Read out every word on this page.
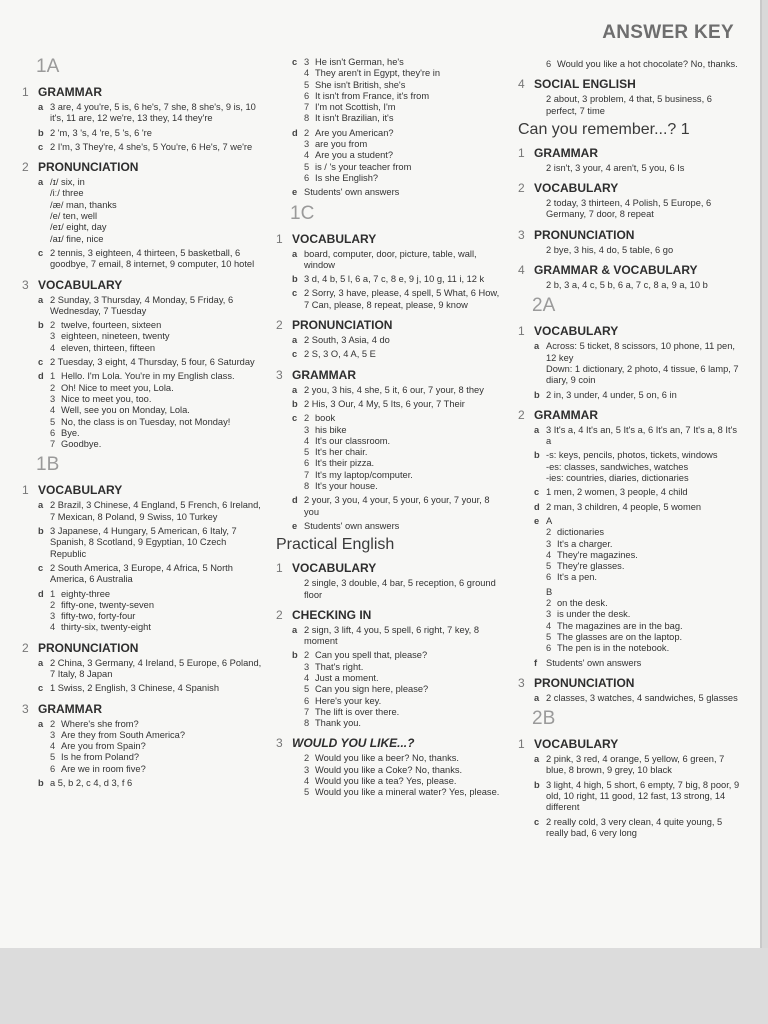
ANSWER KEY
1A
1 GRAMMAR
a 3 are, 4 you're, 5 is, 6 he's, 7 she, 8 she's, 9 is, 10 it's, 11 are, 12 we're, 13 they, 14 they're
b 2 'm, 3 's, 4 're, 5 's, 6 're
c 2 I'm, 3 They're, 4 she's, 5 You're, 6 He's, 7 we're
2 PRONUNCIATION
a /ɪ/ six, in
/iː/ three
/æ/ man, thanks
/e/ ten, well
/eɪ/ eight, day
/aɪ/ fine, nice
c 2 tennis, 3 eighteen, 4 thirteen, 5 basketball, 6 goodbye, 7 email, 8 internet, 9 computer, 10 hotel
3 VOCABULARY
a 2 Sunday, 3 Thursday, 4 Monday, 5 Friday, 6 Wednesday, 7 Tuesday
b 2 twelve, fourteen, sixteen
3 eighteen, nineteen, twenty
4 eleven, thirteen, fifteen
c 2 Tuesday, 3 eight, 4 Thursday, 5 four, 6 Saturday
d 1 Hello. I'm Lola. You're in my English class.
2 Oh! Nice to meet you, Lola.
3 Nice to meet you, too.
4 Well, see you on Monday, Lola.
5 No, the class is on Tuesday, not Monday!
6 Bye.
7 Goodbye.
1B
1 VOCABULARY
a 2 Brazil, 3 Chinese, 4 England, 5 French, 6 Ireland, 7 Mexican, 8 Poland, 9 Swiss, 10 Turkey
b 3 Japanese, 4 Hungary, 5 American, 6 Italy, 7 Spanish, 8 Scotland, 9 Egyptian, 10 Czech Republic
c 2 South America, 3 Europe, 4 Africa, 5 North America, 6 Australia
d 1 eighty-three
2 fifty-one, twenty-seven
3 fifty-two, forty-four
4 thirty-six, twenty-eight
2 PRONUNCIATION
a 2 China, 3 Germany, 4 Ireland, 5 Europe, 6 Poland, 7 Italy, 8 Japan
c 1 Swiss, 2 English, 3 Chinese, 4 Spanish
3 GRAMMAR
a 2 Where's she from?
3 Are they from South America?
4 Are you from Spain?
5 Is he from Poland?
6 Are we in room five?
b a 5, b 2, c 4, d 3, f 6
c 3 He isn't German, he's
4 They aren't in Egypt, they're in
5 She isn't British, she's
6 It isn't from France, it's from
7 I'm not Scottish, I'm
8 It isn't Brazilian, it's
d 2 Are you American?
3 are you from
4 Are you a student?
5 is / 's your teacher from
6 Is she English?
e Students' own answers
1C
1 VOCABULARY
a board, computer, door, picture, table, wall, window
b 3 d, 4 b, 5 l, 6 a, 7 c, 8 e, 9 j, 10 g, 11 i, 12 k
c 2 Sorry, 3 have, please, 4 spell, 5 What, 6 How, 7 Can, please, 8 repeat, please, 9 know
2 PRONUNCIATION
a 2 South, 3 Asia, 4 do
c 2 S, 3 O, 4 A, 5 E
3 GRAMMAR
a 2 you, 3 his, 4 she, 5 it, 6 our, 7 your, 8 they
b 2 His, 3 Our, 4 My, 5 Its, 6 your, 7 Their
c 2 book
3 his bike
4 It's our classroom.
5 It's her chair.
6 It's their pizza.
7 It's my laptop/computer.
8 It's your house.
d 2 your, 3 you, 4 your, 5 your, 6 your, 7 your, 8 you
e Students' own answers
Practical English
1 VOCABULARY
2 single, 3 double, 4 bar, 5 reception, 6 ground floor
2 CHECKING IN
a 2 sign, 3 lift, 4 you, 5 spell, 6 right, 7 key, 8 moment
b 2 Can you spell that, please?
3 That's right.
4 Just a moment.
5 Can you sign here, please?
6 Here's your key.
7 The lift is over there.
8 Thank you.
3 WOULD YOU LIKE...?
2 Would you like a beer? No, thanks.
3 Would you like a Coke? No, thanks.
4 Would you like a tea? Yes, please.
5 Would you like a mineral water? Yes, please.
6 Would you like a hot chocolate? No, thanks.
4 SOCIAL ENGLISH
2 about, 3 problem, 4 that, 5 business, 6 perfect, 7 time
Can you remember...? 1
1 GRAMMAR
2 isn't, 3 your, 4 aren't, 5 you, 6 Is
2 VOCABULARY
2 today, 3 thirteen, 4 Polish, 5 Europe, 6 Germany, 7 door, 8 repeat
3 PRONUNCIATION
2 bye, 3 his, 4 do, 5 table, 6 go
4 GRAMMAR & VOCABULARY
2 b, 3 a, 4 c, 5 b, 6 a, 7 c, 8 a, 9 a, 10 b
2A
1 VOCABULARY
a Across: 5 ticket, 8 scissors, 10 phone, 11 pen, 12 key
Down: 1 dictionary, 2 photo, 4 tissue, 6 lamp, 7 diary, 9 coin
b 2 in, 3 under, 4 under, 5 on, 6 in
2 GRAMMAR
a 3 It's a, 4 It's an, 5 It's a, 6 It's an, 7 It's a, 8 It's a
b -s: keys, pencils, photos, tickets, windows
-es: classes, sandwiches, watches
-ies: countries, diaries, dictionaries
c 1 men, 2 women, 3 people, 4 child
d 2 man, 3 children, 4 people, 5 women
e A
2 dictionaries
3 It's a charger.
4 They're magazines.
5 They're glasses.
6 It's a pen.
B
2 on the desk.
3 is under the desk.
4 The magazines are in the bag.
5 The glasses are on the laptop.
6 The pen is in the notebook.
f Students' own answers
3 PRONUNCIATION
a 2 classes, 3 watches, 4 sandwiches, 5 glasses
2B
1 VOCABULARY
a 2 pink, 3 red, 4 orange, 5 yellow, 6 green, 7 blue, 8 brown, 9 grey, 10 black
b 3 light, 4 high, 5 short, 6 empty, 7 big, 8 poor, 9 old, 10 right, 11 good, 12 fast, 13 strong, 14 different
c 2 really cold, 3 very clean, 4 quite young, 5 really bad, 6 very long
